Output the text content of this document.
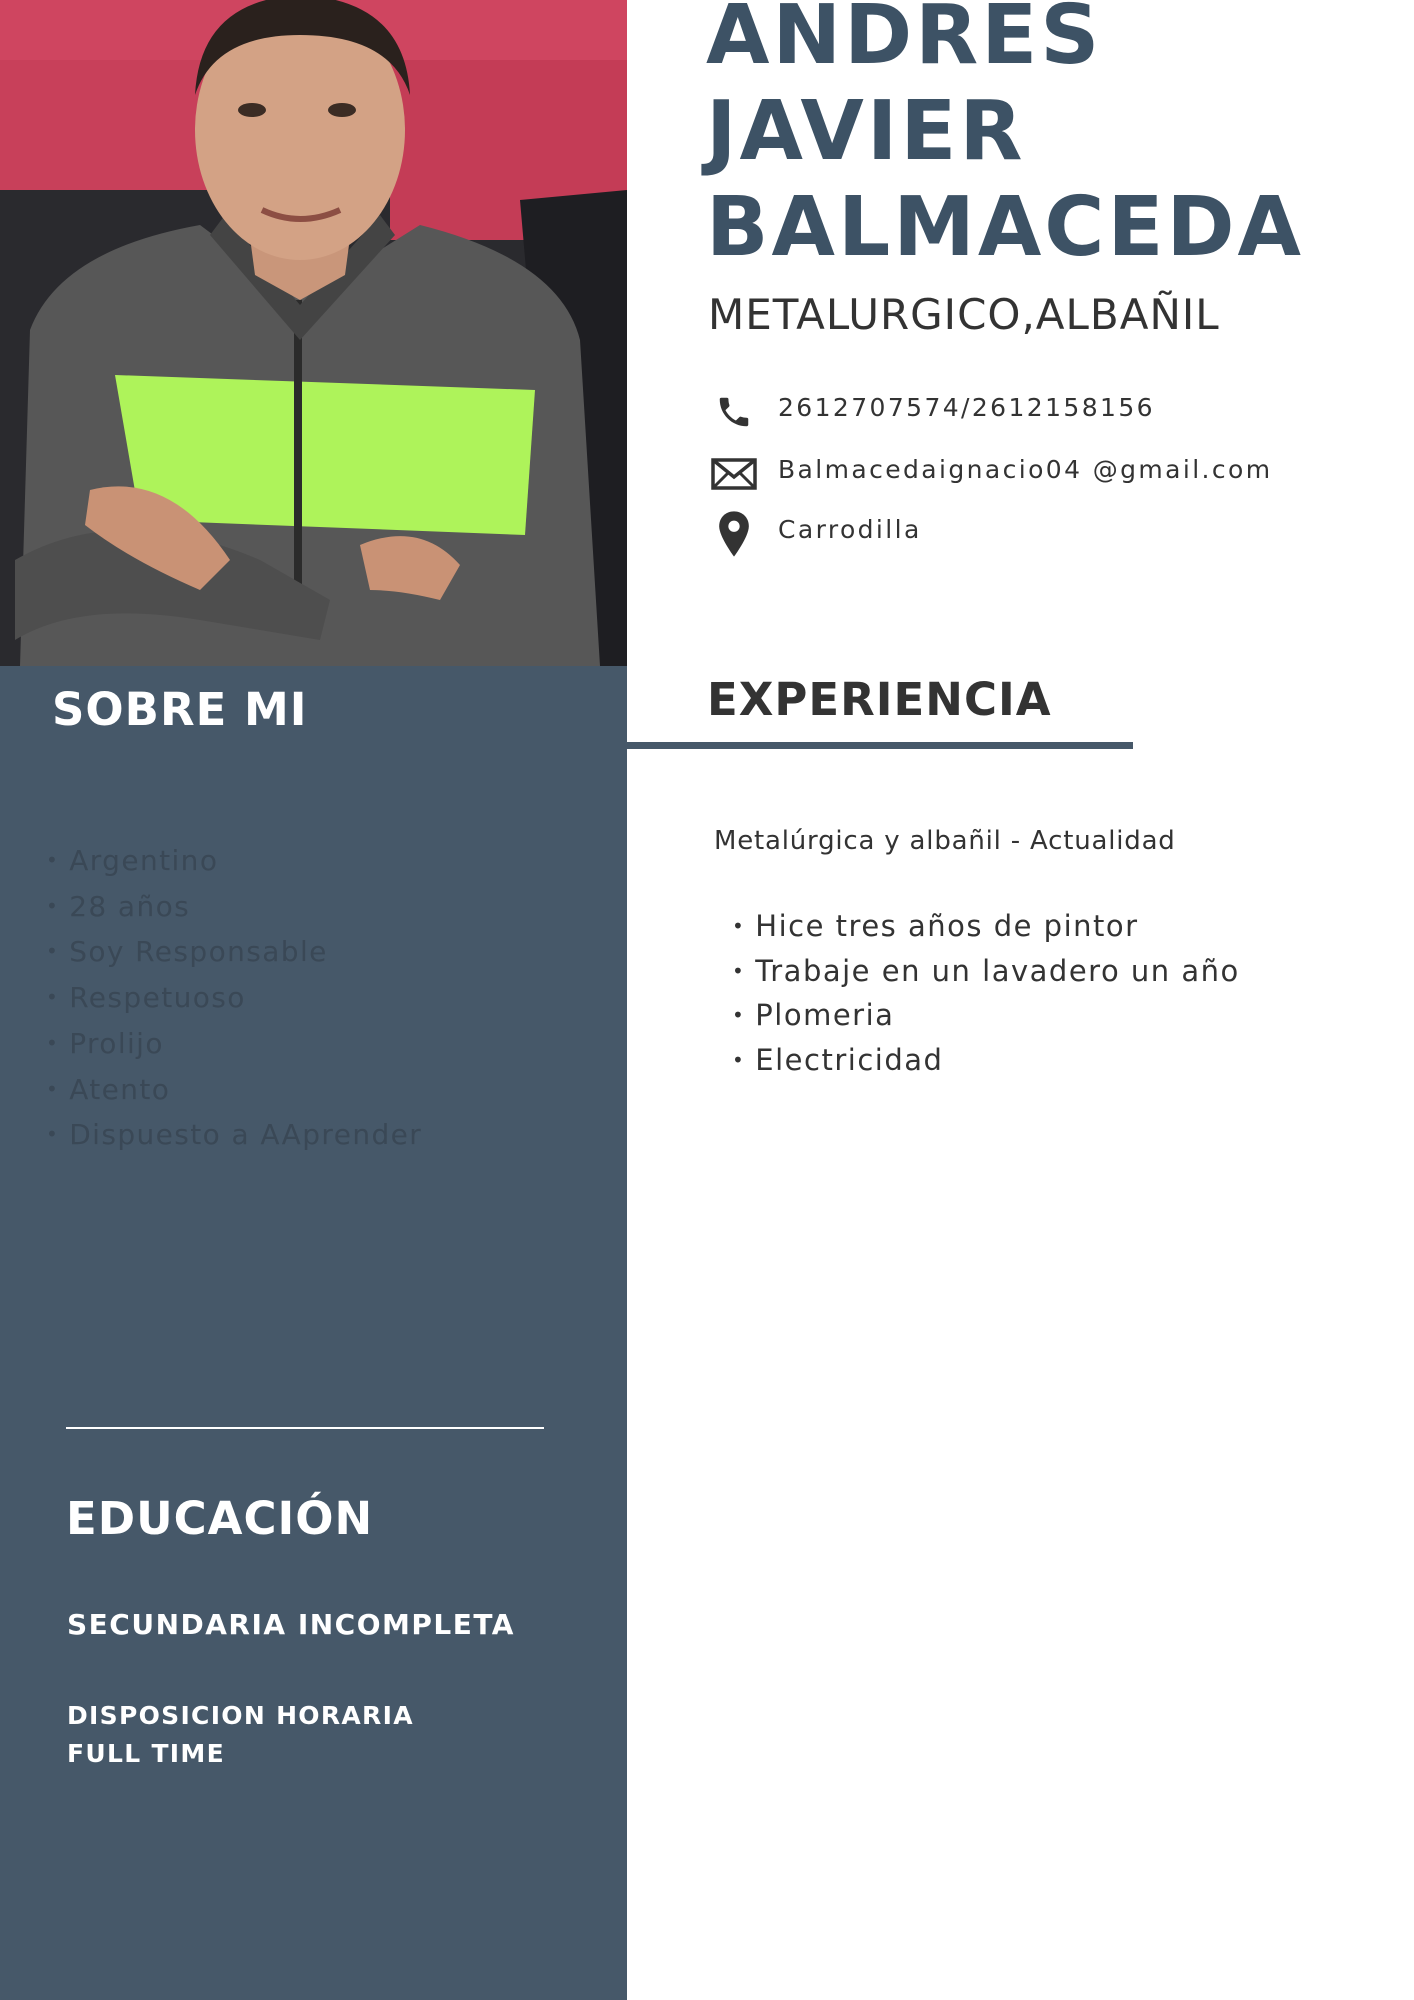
SOBRE MI
• Argentino
• 28 años
• Soy Responsable
• Respetuoso
• Prolijo
• Atento
• Dispuesto a AAprender
EDUCACIÓN

SECUNDARIA INCOMPLETA

DISPOSICION HORARIA
FULL TIME

ANDRES
JAVIER
BALMACEDA

METALURGICO,ALBAÑIL

2612707574/2612158156
Balmacedaignacio04 @gmail.com
Carrodilla
EXPERIENCIA

Metalúrgica y albañil - Actualidad

• Hice tres años de pintor
• Trabaje en un lavadero un año
• Plomeria
• Electricidad
